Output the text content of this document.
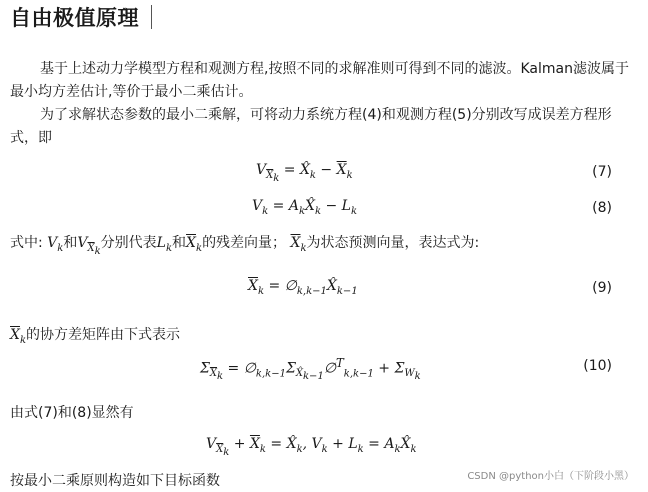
自由极值原理
基于上述动力学模型方程和观测方程,按照不同的求解准则可得到不同的滤波。Kalman滤波属于最小均方差估计,等价于最小二乘估计。
为了求解状态参数的最小二乘解，可将动力系统方程(4)和观测方程(5)分别改写成误差方程形式，即
$V_{\overline{X}_k}$ = $X̂_k - \overline{X}_k$	(7)
$V_k$ = $A_kX̂_k - L_k$	(8)
式中: $V_k$和$V_{\overline{X}_k}$分别代表$L_k$和$\overline{X}_k$的残差向量； $\overline{X}_k$为状态预测向量，表达式为:
$\overline{X}_k$ = $\emptyset_{k,k-1}X̂_{k-1}$	(9)
$\overline{X}_k$的协方差矩阵由下式表示
$\Sigma_{\overline{X}_k}$ = $\emptyset_{k,k-1}\Sigma_{X̂_{k-1}}\emptyset^T_{k,k-1} + \Sigma_{W_k}$
(10)
由式(7)和(8)显然有
$V_{\overline{X}_k} + \overline{X}_k$ = $X̂_k$, $V_k + L_k$ = $A_kX̂_k$
按最小二乘原则构造如下目标函数	CSDN @python小白（下阶段小黑）
